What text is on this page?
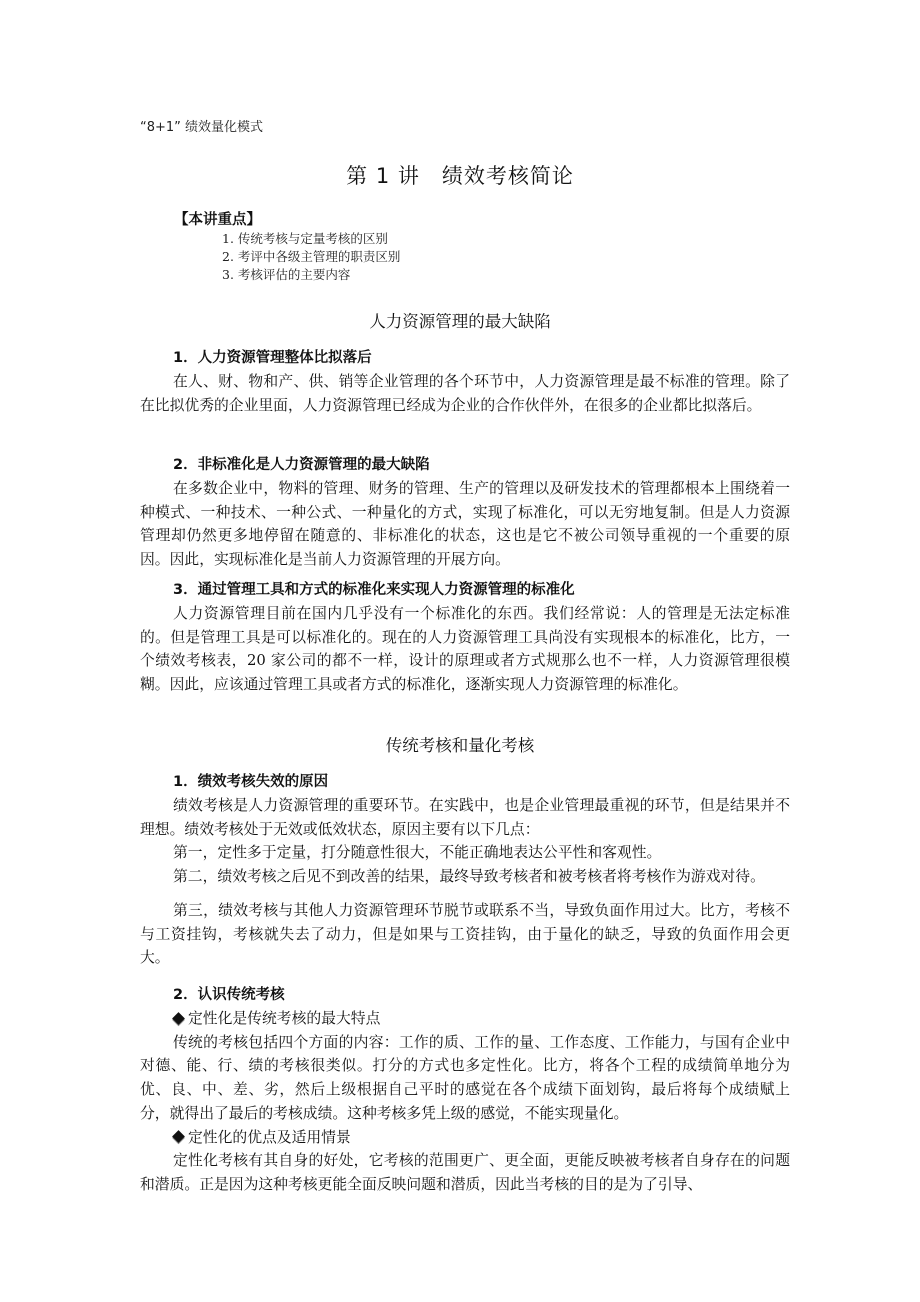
“8+1” 绩效量化模式
第 1 讲　绩效考核简论
【本讲重点】
1. 传统考核与定量考核的区别
2. 考评中各级主管理的职责区别
3. 考核评估的主要内容
人力资源管理的最大缺陷
1．人力资源管理整体比拟落后

在人、财、物和产、供、销等企业管理的各个环节中，人力资源管理是最不标准的管理。除了在比拟优秀的企业里面，人力资源管理已经成为企业的合作伙伴外，在很多的企业都比拟落后。

2．非标准化是人力资源管理的最大缺陷

在多数企业中，物料的管理、财务的管理、生产的管理以及研发技术的管理都根本上围绕着一种模式、一种技术、一种公式、一种量化的方式，实现了标准化，可以无穷地复制。但是人力资源管理却仍然更多地停留在随意的、非标准化的状态，这也是它不被公司领导重视的一个重要的原因。因此，实现标准化是当前人力资源管理的开展方向。

3．通过管理工具和方式的标准化来实现人力资源管理的标准化

人力资源管理目前在国内几乎没有一个标准化的东西。我们经常说：人的管理是无法定标准的。但是管理工具是可以标准化的。现在的人力资源管理工具尚没有实现根本的标准化，比方，一个绩效考核表，20 家公司的都不一样，设计的原理或者方式规那么也不一样，人力资源管理很模糊。因此，应该通过管理工具或者方式的标准化，逐渐实现人力资源管理的标准化。

传统考核和量化考核
1．绩效考核失效的原因

绩效考核是人力资源管理的重要环节。在实践中，也是企业管理最重视的环节，但是结果并不理想。绩效考核处于无效或低效状态，原因主要有以下几点：

第一，定性多于定量，打分随意性很大，不能正确地表达公平性和客观性。

第二，绩效考核之后见不到改善的结果，最终导致考核者和被考核者将考核作为游戏对待。

第三，绩效考核与其他人力资源管理环节脱节或联系不当，导致负面作用过大。比方，考核不与工资挂钩，考核就失去了动力，但是如果与工资挂钩，由于量化的缺乏，导致的负面作用会更大。

2．认识传统考核
定性化是传统考核的最大特点

传统的考核包括四个方面的内容：工作的质、工作的量、工作态度、工作能力，与国有企业中对德、能、行、绩的考核很类似。打分的方式也多定性化。比方，将各个工程的成绩简单地分为优、良、中、差、劣，然后上级根据自己平时的感觉在各个成绩下面划钩，最后将每个成绩赋上分，就得出了最后的考核成绩。这种考核多凭上级的感觉，不能实现量化。

定性化的优点及适用情景

定性化考核有其自身的好处，它考核的范围更广、更全面，更能反映被考核者自身存在的问题和潜质。正是因为这种考核更能全面反映问题和潜质，因此当考核的目的是为了引导、
